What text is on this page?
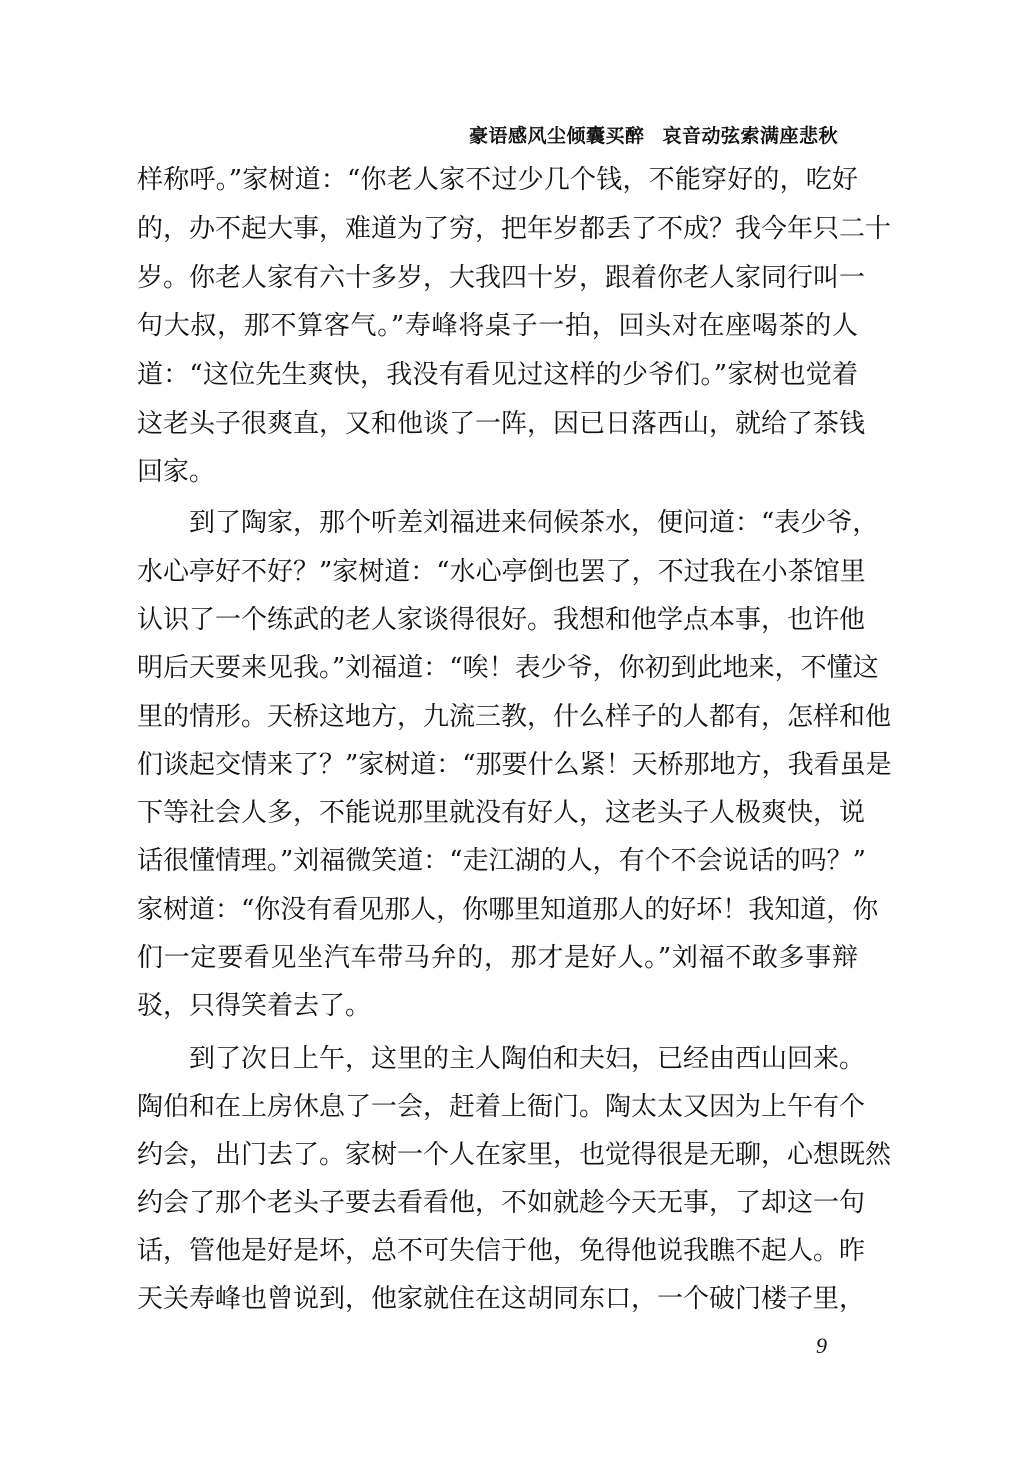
豪语感风尘倾囊买醉 哀音动弦索满座悲秋
样称呼。”家树道：“你老人家不过少几个钱，不能穿好的，吃好
的，办不起大事，难道为了穷，把年岁都丢了不成？我今年只二十
岁。你老人家有六十多岁，大我四十岁，跟着你老人家同行叫一
句大叔，那不算客气。”寿峰将桌子一拍，回头对在座喝茶的人
道：“这位先生爽快，我没有看见过这样的少爷们。”家树也觉着
这老头子很爽直，又和他谈了一阵，因已日落西山，就给了茶钱
回家。
到了陶家，那个听差刘福进来伺候茶水，便问道：“表少爷，
水心亭好不好？”家树道：“水心亭倒也罢了，不过我在小茶馆里
认识了一个练武的老人家谈得很好。我想和他学点本事，也许他
明后天要来见我。”刘福道：“唉！表少爷，你初到此地来，不懂这
里的情形。天桥这地方，九流三教，什么样子的人都有，怎样和他
们谈起交情来了？”家树道：“那要什么紧！天桥那地方，我看虽是
下等社会人多，不能说那里就没有好人，这老头子人极爽快，说
话很懂情理。”刘福微笑道：“走江湖的人，有个不会说话的吗？”
家树道：“你没有看见那人，你哪里知道那人的好坏！我知道，你
们一定要看见坐汽车带马弁的，那才是好人。”刘福不敢多事辩
驳，只得笑着去了。
到了次日上午，这里的主人陶伯和夫妇，已经由西山回来。
陶伯和在上房休息了一会，赶着上衙门。陶太太又因为上午有个
约会，出门去了。家树一个人在家里，也觉得很是无聊，心想既然
约会了那个老头子要去看看他，不如就趁今天无事，了却这一句
话，管他是好是坏，总不可失信于他，免得他说我瞧不起人。昨
天关寿峰也曾说到，他家就住在这胡同东口，一个破门楼子里，
9
